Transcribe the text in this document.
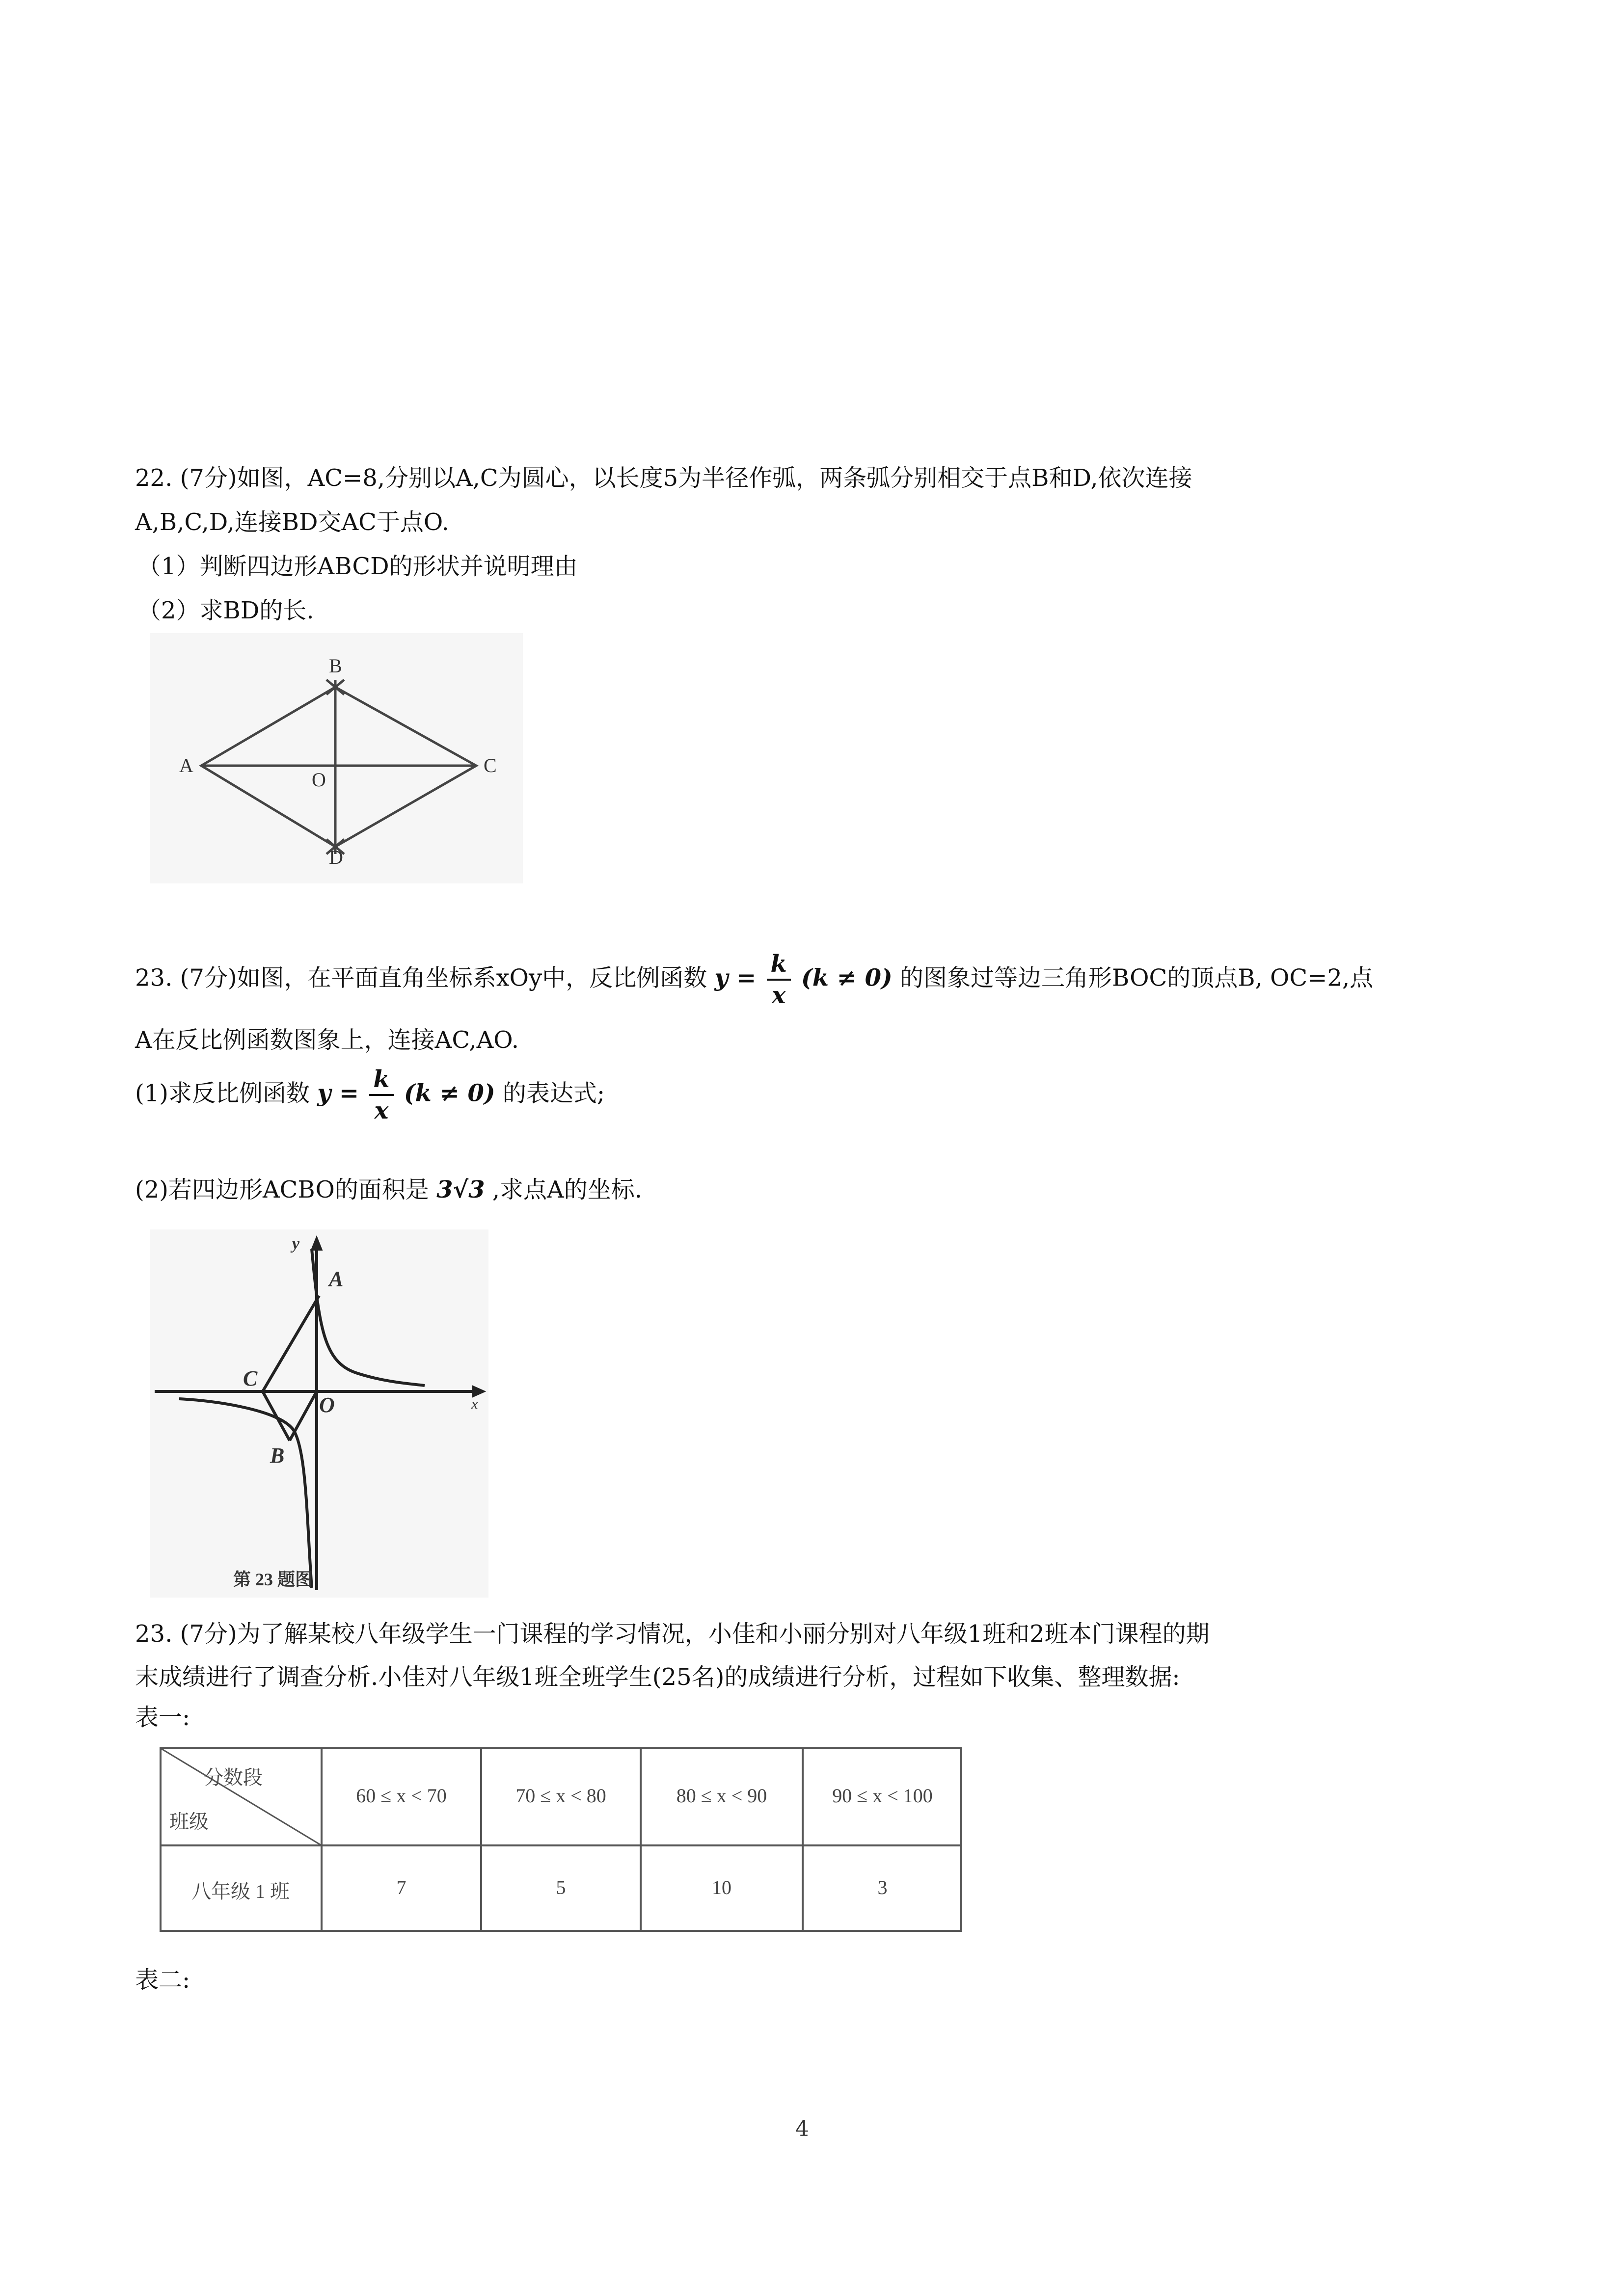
22. (7分)如图，AC=8,分别以A,C为圆心，以长度5为半径作弧，两条弧分别相交于点B和D,依次连接
A,B,C,D,连接BD交AC于点O.
（1）判断四边形ABCD的形状并说明理由
（2）求BD的长.
B
A	C
O
D
23. (7分)如图，在平面直角坐标系xOy中，反比例函数 $y = \frac{k}{x} (k \ne 0)$ 的图象过等边三角形BOC的顶点B, OC=2,点
A在反比例函数图象上，连接AC,AO.
(1)求反比例函数 $y = \frac{k}{x} (k \ne 0)$ 的表达式;
(2)若四边形ACBO的面积是 3√3 ,求点A的坐标.
y
x
A
C
O
B
第 23 题图
23. (7分)为了解某校八年级学生一门课程的学习情况，小佳和小丽分别对八年级1班和2班本门课程的期
末成绩进行了调查分析.小佳对八年级1班全班学生(25名)的成绩进行分析，过程如下收集、整理数据:
表一:
分数段
班级
60 ≤ x < 70	70 ≤ x < 80	80 ≤ x < 90	90 ≤ x < 100
八年级 1 班	7	5	10	3
表二:
4
